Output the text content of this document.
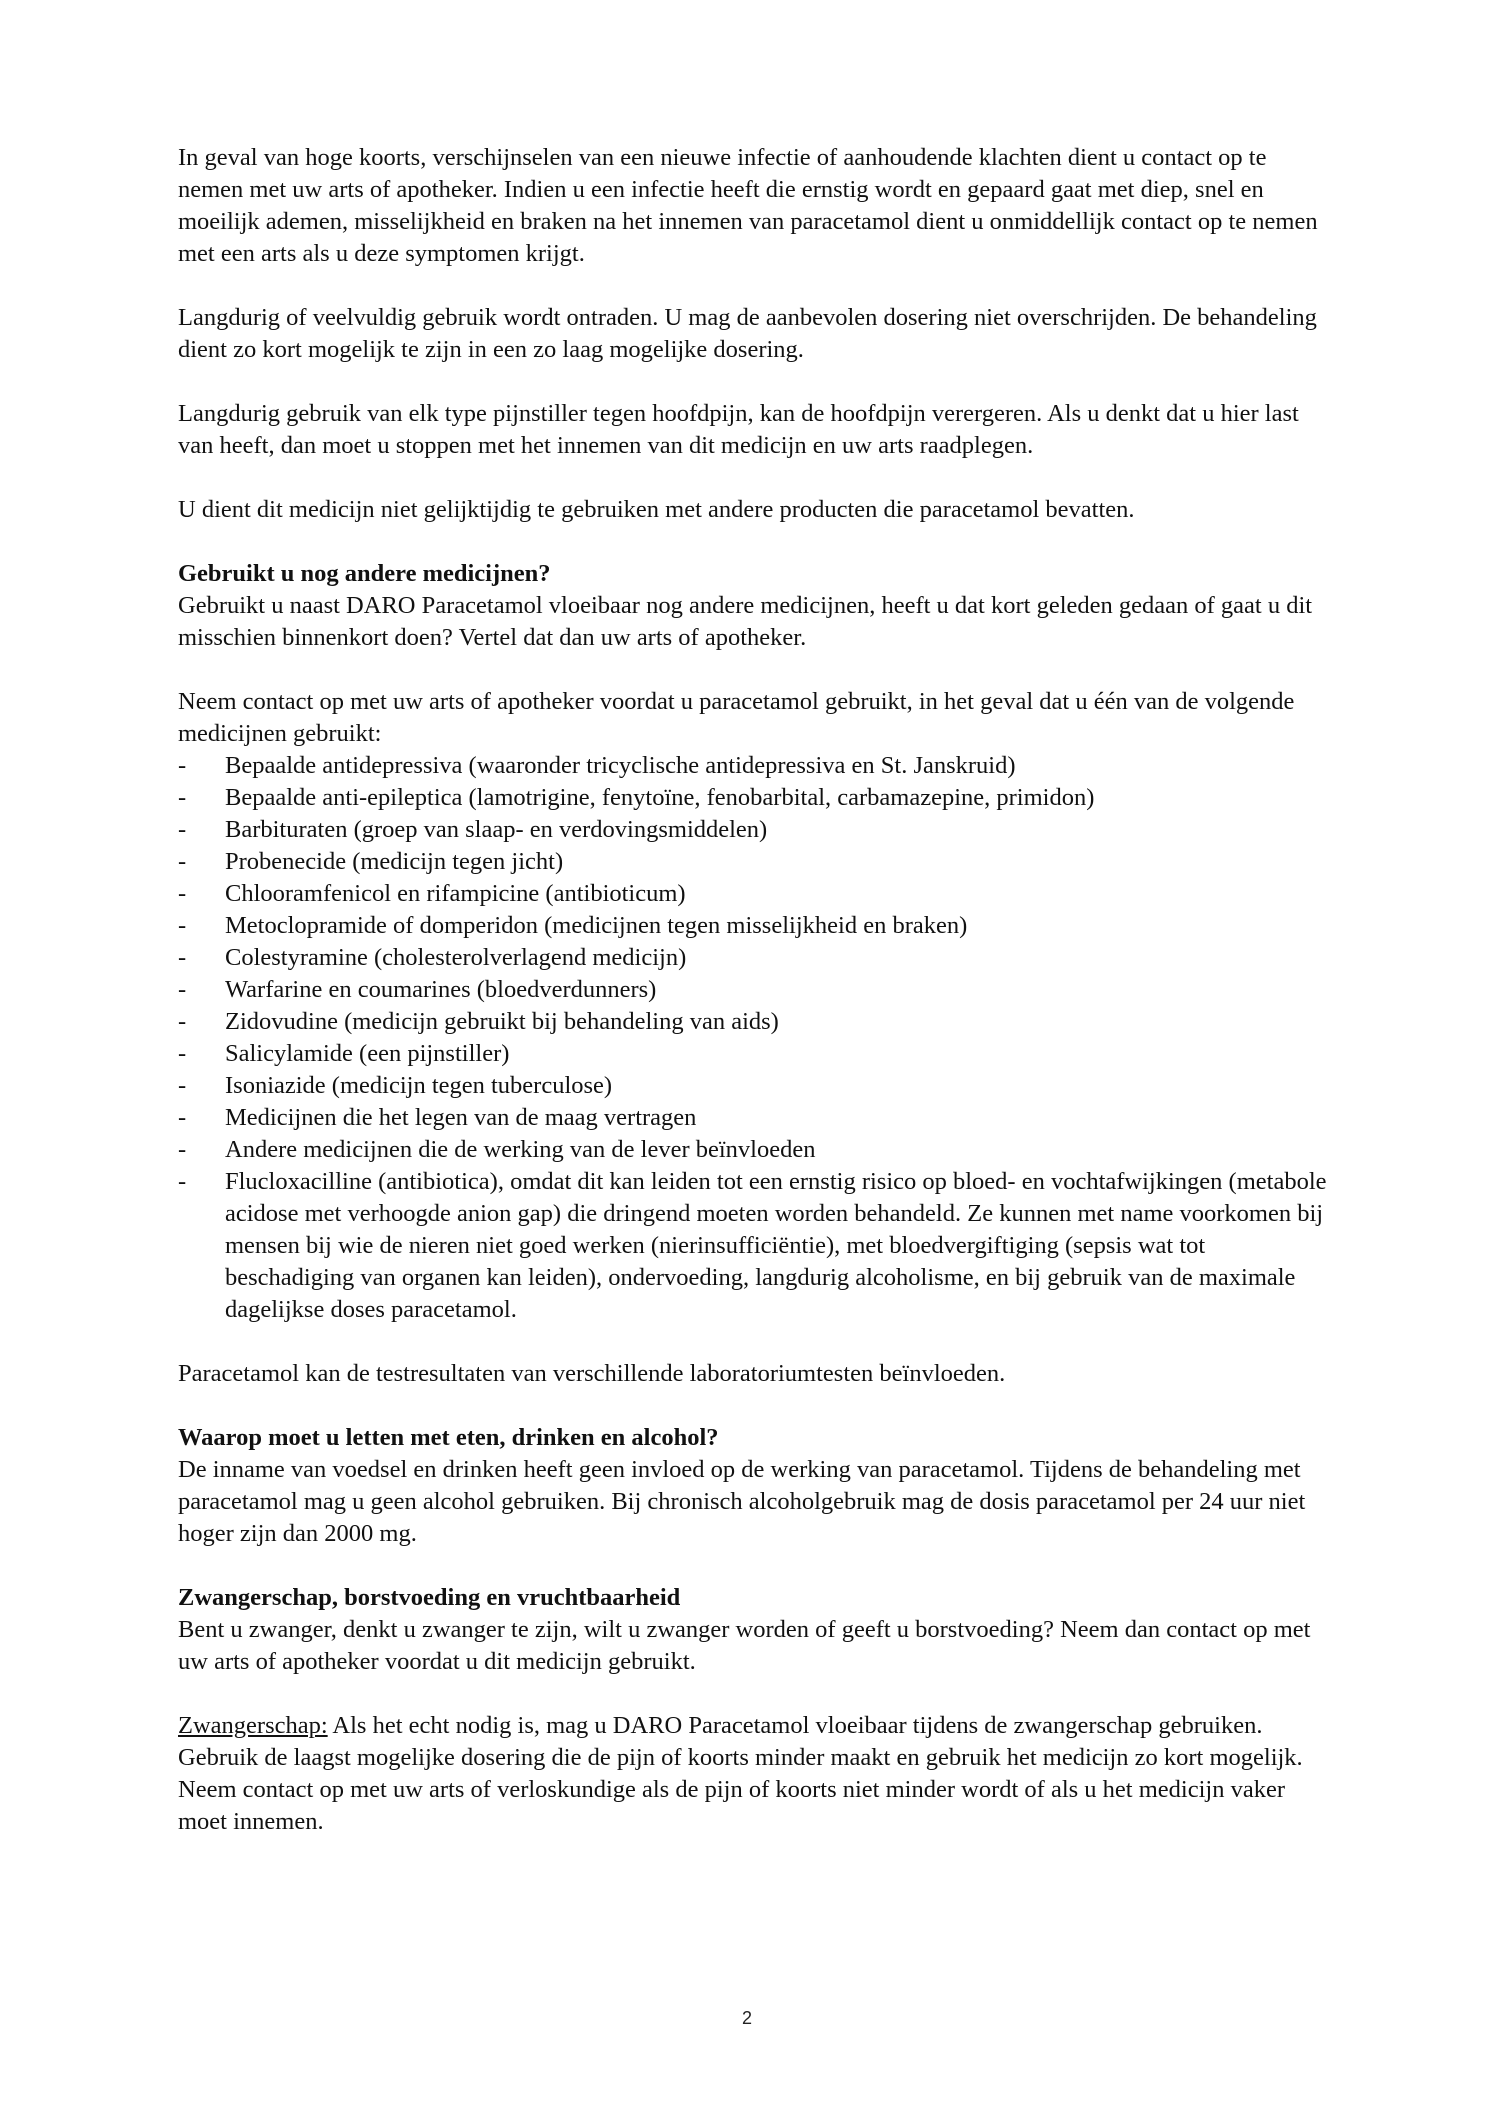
In geval van hoge koorts, verschijnselen van een nieuwe infectie of aanhoudende klachten dient u contact op te nemen met uw arts of apotheker. Indien u een infectie heeft die ernstig wordt en gepaard gaat met diep, snel en moeilijk ademen, misselijkheid en braken na het innemen van paracetamol dient u onmiddellijk contact op te nemen met een arts als u deze symptomen krijgt.

Langdurig of veelvuldig gebruik wordt ontraden. U mag de aanbevolen dosering niet overschrijden. De behandeling dient zo kort mogelijk te zijn in een zo laag mogelijke dosering.

Langdurig gebruik van elk type pijnstiller tegen hoofdpijn, kan de hoofdpijn verergeren. Als u denkt dat u hier last van heeft, dan moet u stoppen met het innemen van dit medicijn en uw arts raadplegen.

U dient dit medicijn niet gelijktijdig te gebruiken met andere producten die paracetamol bevatten.

Gebruikt u nog andere medicijnen?
Gebruikt u naast DARO Paracetamol vloeibaar nog andere medicijnen, heeft u dat kort geleden gedaan of gaat u dit misschien binnenkort doen? Vertel dat dan uw arts of apotheker.

Neem contact op met uw arts of apotheker voordat u paracetamol gebruikt, in het geval dat u één van de volgende medicijnen gebruikt:

- Bepaalde antidepressiva (waaronder tricyclische antidepressiva en St. Janskruid)
- Bepaalde anti-epileptica (lamotrigine, fenytoïne, fenobarbital, carbamazepine, primidon)
- Barbituraten (groep van slaap- en verdovingsmiddelen)
- Probenecide (medicijn tegen jicht)
- Chlooramfenicol en rifampicine (antibioticum)
- Metoclopramide of domperidon (medicijnen tegen misselijkheid en braken)
- Colestyramine (cholesterolverlagend medicijn)
- Warfarine en coumarines (bloedverdunners)
- Zidovudine (medicijn gebruikt bij behandeling van aids)
- Salicylamide (een pijnstiller)
- Isoniazide (medicijn tegen tuberculose)
- Medicijnen die het legen van de maag vertragen
- Andere medicijnen die de werking van de lever beïnvloeden
- Flucloxacilline (antibiotica), omdat dit kan leiden tot een ernstig risico op bloed- en vochtafwijkingen (metabole acidose met verhoogde anion gap) die dringend moeten worden behandeld. Ze kunnen met name voorkomen bij mensen bij wie de nieren niet goed werken (nierinsufficiëntie), met bloedvergiftiging (sepsis wat tot beschadiging van organen kan leiden), ondervoeding, langdurig alcoholisme, en bij gebruik van de maximale dagelijkse doses paracetamol.

Paracetamol kan de testresultaten van verschillende laboratoriumtesten beïnvloeden.

Waarop moet u letten met eten, drinken en alcohol?
De inname van voedsel en drinken heeft geen invloed op de werking van paracetamol. Tijdens de behandeling met paracetamol mag u geen alcohol gebruiken. Bij chronisch alcoholgebruik mag de dosis paracetamol per 24 uur niet hoger zijn dan 2000 mg.

Zwangerschap, borstvoeding en vruchtbaarheid
Bent u zwanger, denkt u zwanger te zijn, wilt u zwanger worden of geeft u borstvoeding? Neem dan contact op met uw arts of apotheker voordat u dit medicijn gebruikt.

Zwangerschap: Als het echt nodig is, mag u DARO Paracetamol vloeibaar tijdens de zwangerschap gebruiken. Gebruik de laagst mogelijke dosering die de pijn of koorts minder maakt en gebruik het medicijn zo kort mogelijk. Neem contact op met uw arts of verloskundige als de pijn of koorts niet minder wordt of als u het medicijn vaker moet innemen.

2
